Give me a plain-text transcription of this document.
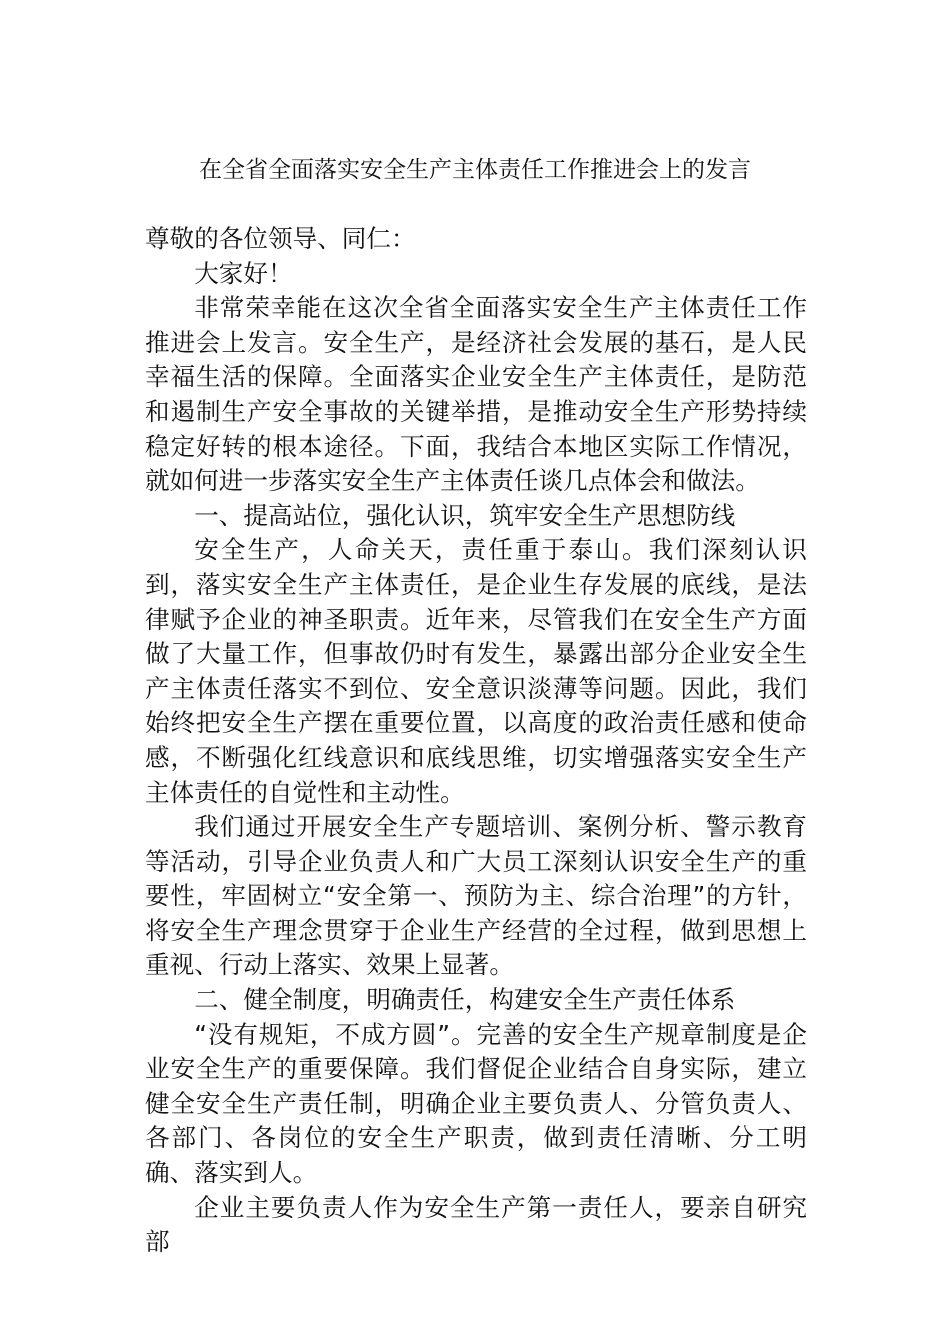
在全省全面落实安全生产主体责任工作推进会上的发言

尊敬的各位领导、同仁：

大家好！

非常荣幸能在这次全省全面落实安全生产主体责任工作推进会上发言。安全生产，是经济社会发展的基石，是人民幸福生活的保障。全面落实企业安全生产主体责任，是防范和遏制生产安全事故的关键举措，是推动安全生产形势持续稳定好转的根本途径。下面，我结合本地区实际工作情况，就如何进一步落实安全生产主体责任谈几点体会和做法。

一、提高站位，强化认识，筑牢安全生产思想防线

安全生产，人命关天，责任重于泰山。我们深刻认识到，落实安全生产主体责任，是企业生存发展的底线，是法律赋予企业的神圣职责。近年来，尽管我们在安全生产方面做了大量工作，但事故仍时有发生，暴露出部分企业安全生产主体责任落实不到位、安全意识淡薄等问题。因此，我们始终把安全生产摆在重要位置，以高度的政治责任感和使命感，不断强化红线意识和底线思维，切实增强落实安全生产主体责任的自觉性和主动性。

我们通过开展安全生产专题培训、案例分析、警示教育等活动，引导企业负责人和广大员工深刻认识安全生产的重要性，牢固树立“安全第一、预防为主、综合治理”的方针，将安全生产理念贯穿于企业生产经营的全过程，做到思想上重视、行动上落实、效果上显著。

二、健全制度，明确责任，构建安全生产责任体系

“没有规矩，不成方圆”。完善的安全生产规章制度是企业安全生产的重要保障。我们督促企业结合自身实际，建立健全安全生产责任制，明确企业主要负责人、分管负责人、各部门、各岗位的安全生产职责，做到责任清晰、分工明确、落实到人。

企业主要负责人作为安全生产第一责任人，要亲自研究部
